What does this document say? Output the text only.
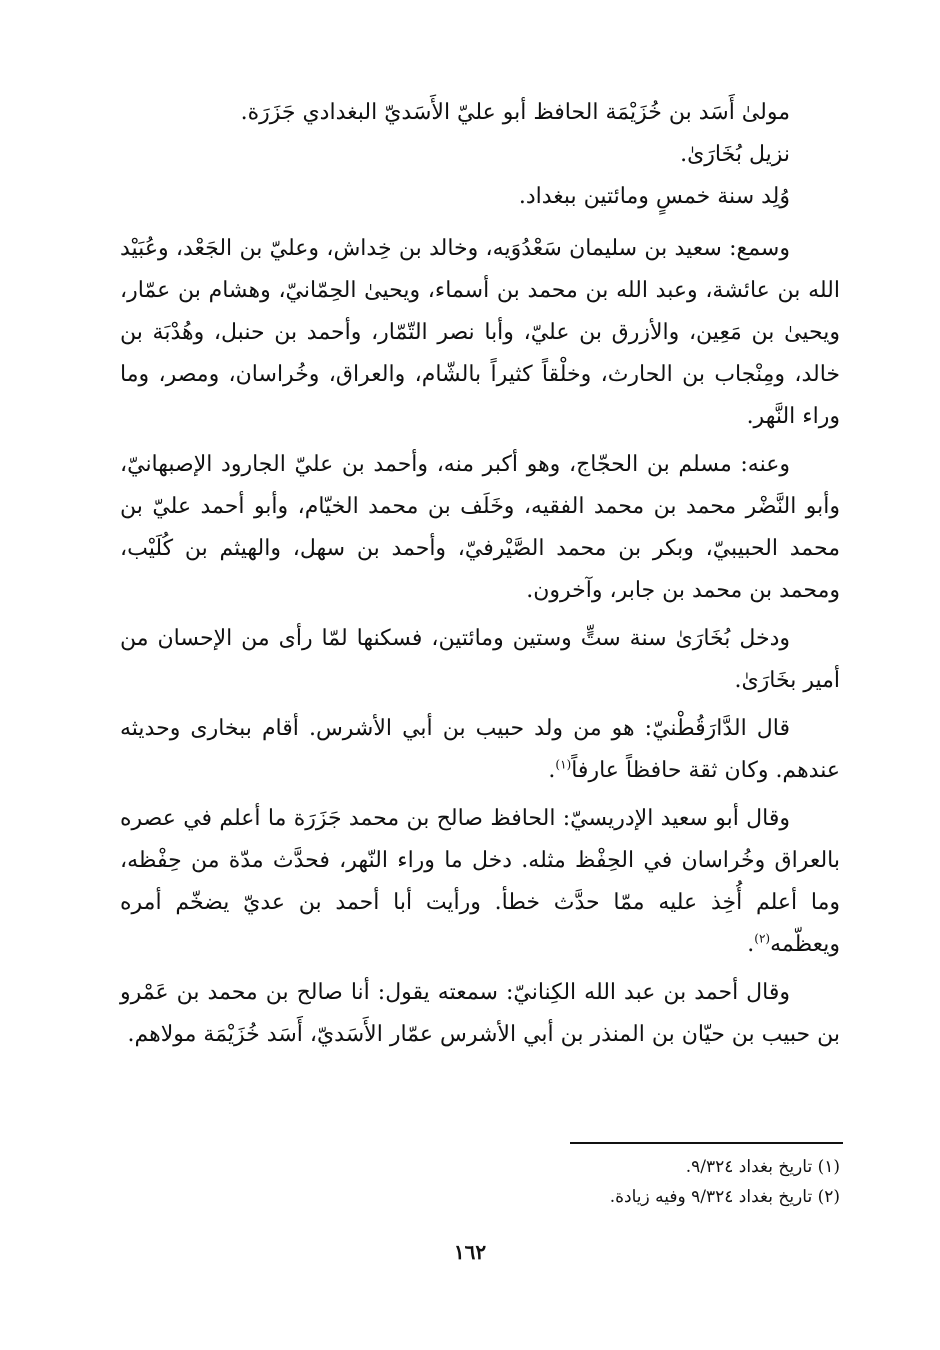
مولىٰ أَسَد بن خُزَيْمَة الحافظ أبو عليّ الأَسَديّ البغدادي جَزَرَة.

نزيل بُخَارَىٰ.

وُلِد سنة خمسٍ ومائتين ببغداد.

وسمع: سعيد بن سليمان سَعْدُوَيه، وخالد بن خِداش، وعليّ بن الجَعْد، وعُبَيْد الله بن عائشة، وعبد الله بن محمد بن أسماء، ويحيىٰ الحِمّانيّ، وهشام بن عمّار، ويحيىٰ بن مَعِين، والأزرق بن عليّ، وأبا نصر التّمّار، وأحمد بن حنبل، وهُدْبَة بن خالد، ومِنْجاب بن الحارث، وخلْقاً كثيراً بالشّام، والعراق، وخُراسان، ومصر، وما وراء النَّهر.

وعنه: مسلم بن الحجّاج، وهو أكبر منه، وأحمد بن عليّ الجارود الإصبهانيّ، وأبو النَّضْر محمد بن محمد الفقيه، وخَلَف بن محمد الخيّام، وأبو أحمد عليّ بن محمد الحبيبيّ، وبكر بن محمد الصَّيْرفيّ، وأحمد بن سهل، والهيثم بن كُلَيْب، ومحمد بن محمد بن جابر، وآخرون.

ودخل بُخَارَىٰ سنة ستٍّ وستين ومائتين، فسكنها لمّا رأى من الإحسان من أمير بخَارَىٰ.

قال الدَّارَقُطْنيّ: هو من ولد حبيب بن أبي الأشرس. أقام ببخارى وحديثه عندهم. وكان ثقة حافظاً عارفاً$^{(١)}$.

وقال أبو سعيد الإدريسيّ: الحافظ صالح بن محمد جَزَرَة ما أعلم في عصره بالعراق وخُراسان في الحِفْظ مثله. دخل ما وراء النّهر، فحدَّث مدّة من حِفْظه، وما أعلم أُخِذ عليه ممّا حدَّث خطأ. ورأيت أبا أحمد بن عديّ يضخّم أمره ويعظّمه$^{(٢)}$.

وقال أحمد بن عبد الله الكِنانيّ: سمعته يقول: أنا صالح بن محمد بن عَمْرو بن حبيب بن حيّان بن المنذر بن أبي الأشرس عمّار الأَسَديّ، أَسَد خُزَيْمَة مولاهم.

(١) تاريخ بغداد ٩/٣٢٤.

(٢) تاريخ بغداد ٩/٣٢٤ وفيه زيادة.

١٦٢
